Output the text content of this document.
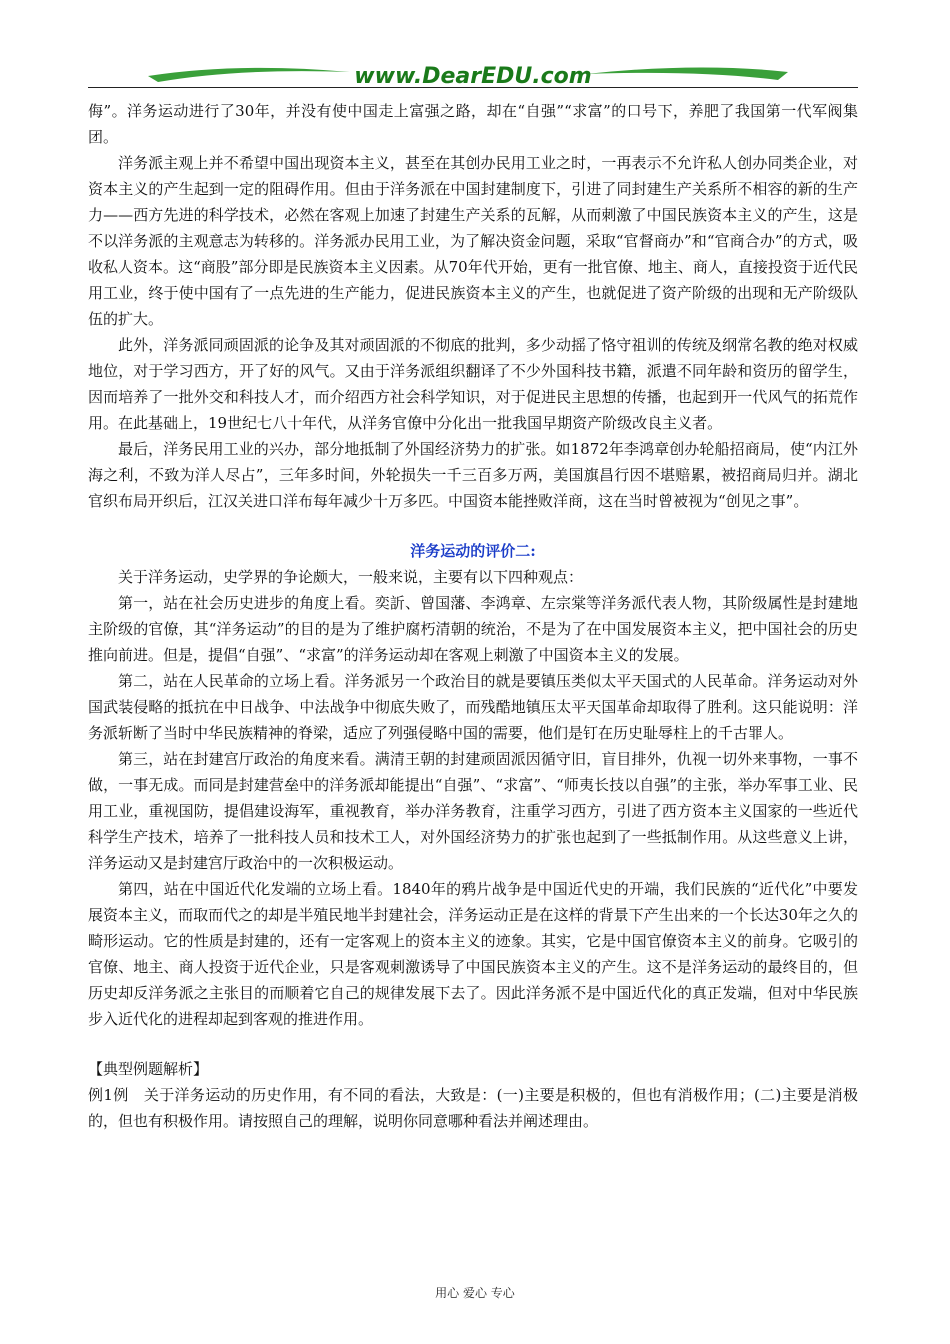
www.DearEDU.com

侮”。洋务运动进行了30年，并没有使中国走上富强之路，却在“自强”“求富”的口号下，养肥了我国第一代军阀集团。

洋务派主观上并不希望中国出现资本主义，甚至在其创办民用工业之时，一再表示不允许私人创办同类企业，对资本主义的产生起到一定的阻碍作用。但由于洋务派在中国封建制度下，引进了同封建生产关系所不相容的新的生产力——西方先进的科学技术，必然在客观上加速了封建生产关系的瓦解，从而刺激了中国民族资本主义的产生，这是不以洋务派的主观意志为转移的。洋务派办民用工业，为了解决资金问题，采取“官督商办”和“官商合办”的方式，吸收私人资本。这“商股”部分即是民族资本主义因素。从70年代开始，更有一批官僚、地主、商人，直接投资于近代民用工业，终于使中国有了一点先进的生产能力，促进民族资本主义的产生，也就促进了资产阶级的出现和无产阶级队伍的扩大。

此外，洋务派同顽固派的论争及其对顽固派的不彻底的批判，多少动摇了恪守祖训的传统及纲常名教的绝对权威地位，对于学习西方，开了好的风气。又由于洋务派组织翻译了不少外国科技书籍，派遣不同年龄和资历的留学生，因而培养了一批外交和科技人才，而介绍西方社会科学知识，对于促进民主思想的传播，也起到开一代风气的拓荒作用。在此基础上，19世纪七八十年代，从洋务官僚中分化出一批我国早期资产阶级改良主义者。

最后，洋务民用工业的兴办，部分地抵制了外国经济势力的扩张。如1872年李鸿章创办轮船招商局，使“内江外海之利，不致为洋人尽占”，三年多时间，外轮损失一千三百多万两，美国旗昌行因不堪赔累，被招商局归并。湖北官织布局开织后，江汉关进口洋布每年减少十万多匹。中国资本能挫败洋商，这在当时曾被视为“创见之事”。

洋务运动的评价二:

关于洋务运动，史学界的争论颇大，一般来说，主要有以下四种观点：

第一，站在社会历史进步的角度上看。奕訢、曾国藩、李鸿章、左宗棠等洋务派代表人物，其阶级属性是封建地主阶级的官僚，其“洋务运动”的目的是为了维护腐朽清朝的统治，不是为了在中国发展资本主义，把中国社会的历史推向前进。但是，提倡“自强”、“求富”的洋务运动却在客观上刺激了中国资本主义的发展。

第二，站在人民革命的立场上看。洋务派另一个政治目的就是要镇压类似太平天国式的人民革命。洋务运动对外国武装侵略的抵抗在中日战争、中法战争中彻底失败了，而残酷地镇压太平天国革命却取得了胜利。这只能说明：洋务派斩断了当时中华民族精神的脊梁，适应了列强侵略中国的需要，他们是钉在历史耻辱柱上的千古罪人。

第三，站在封建宫厅政治的角度来看。满清王朝的封建顽固派因循守旧，盲目排外，仇视一切外来事物，一事不做，一事无成。而同是封建营垒中的洋务派却能提出“自强”、“求富”、“师夷长技以自强”的主张，举办军事工业、民用工业，重视国防，提倡建设海军，重视教育，举办洋务教育，注重学习西方，引进了西方资本主义国家的一些近代科学生产技术，培养了一批科技人员和技术工人，对外国经济势力的扩张也起到了一些抵制作用。从这些意义上讲，洋务运动又是封建宫厅政治中的一次积极运动。

第四，站在中国近代化发端的立场上看。1840年的鸦片战争是中国近代史的开端，我们民族的“近代化”中要发展资本主义，而取而代之的却是半殖民地半封建社会，洋务运动正是在这样的背景下产生出来的一个长达30年之久的畸形运动。它的性质是封建的，还有一定客观上的资本主义的迹象。其实，它是中国官僚资本主义的前身。它吸引的官僚、地主、商人投资于近代企业，只是客观刺激诱导了中国民族资本主义的产生。这不是洋务运动的最终目的，但历史却反洋务派之主张目的而顺着它自己的规律发展下去了。因此洋务派不是中国近代化的真正发端，但对中华民族步入近代化的进程却起到客观的推进作用。

【典型例题解析】

例1例　关于洋务运动的历史作用，有不同的看法，大致是：(一)主要是积极的，但也有消极作用；(二)主要是消极的，但也有积极作用。请按照自己的理解，说明你同意哪种看法并阐述理由。

用心 爱心 专心
